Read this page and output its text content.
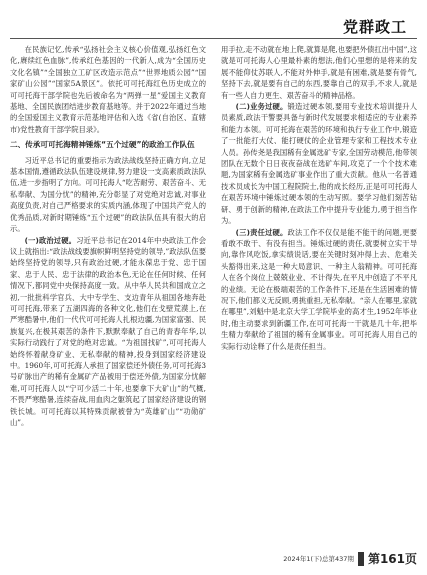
党群政工

在民族记忆,传承“弘扬社会主义核心价值观,弘扬红色文化,赓续红色血脉”,传承红色基因的一代新人,成为“全国历史文化名镇”“全国独立工矿区改造示范点”“世界地质公园”“国家矿山公园”“国家5A景区”。依托可可托海红色历史成立的可可托海干部学院也先后被命名为“两弹一星”爱国主义教育基地、全国民族团结进步教育基地等。并于2022年通过当地的全国爱国主义教育示范基地评估和入选《省(自治区、直辖市)党性教育干部学院目录》。

二、传承可可托海精神锤炼“五个过硬”的政治工作队伍

习近平总书记的重要指示为政法战线坚持正确方向,立足基本国情,遵循政法队伍建设规律,努力建设一支高素质政法队伍,进一步指明了方向。可可托海人“吃苦耐劳、艰苦奋斗、无私奉献、为国分忧”的精神,充分彰显了对党绝对忠诚,对事业高度负责,对自己严格要求的实质内涵,体现了中国共产党人的优秀品质,对新时期锤炼“五个过硬”的政法队伍具有很大的启示。

(一)政治过硬。习近平总书记在2014年中央政法工作会议上就指出:“政法战线要旗帜鲜明坚持党的领导,”政法队伍要始终坚持党的领导,只有政治过硬,才能永葆忠于党、忠于国家、忠于人民、忠于法律的政治本色,无论在任何时候、任何情况下,都同党中央保持高度一致。从中华人民共和国成立之初,一批批科学官兵、大中专学生、支边青年从祖国各地奔赴可可托海,带来了五湖四海的各种文化,他们在戈壁荒漠上,在严寒酷暑中,他们一代代可可托海人扎根边疆,为国家富强、民族复兴,在极其艰苦的条件下,默默奉献了自己的青春年华,以实际行动践行了对党的绝对忠诚。“为祖国找矿”,可可托海人始终怀着献身矿业、无私奉献的精神,投身到国家经济建设中。1960年,可可托海人承担了国家偿还外债任务,可可托海3号矿脉出产的稀有金属矿产品被用于偿还外债,为国家分忧解难,可可托海人以“宁可少活二十年,也要拿下大矿山”的气概,不畏严寒酷暑,连续奋战,用血肉之躯筑起了国家经济建设的钢铁长城。可可托海以其特殊贡献被誉为“英雄矿山”“功勋矿山”。

用手拉,走不动就在地上爬,就算是爬,也要把外债扛出中国”,这就是可可托海人心里最朴素的想法,他们心里想的是将来的发展不能仰仗苏联人,不能对外伸手,就是有困难,就是要有骨气,坚持下去,就是要有自己的东西,要靠自己的双手,不求人,就是有一些人自力更生、艰苦奋斗的精神品格。

(二)业务过硬。锻造过硬本领,要用专业技术培训提升人员素质,政法干警要具备与新时代发展要求相适应的专业素养和能力本领。可可托海在艰苦的环境和执行专业工作中,锻造了一批能打大仗、能打硬仗的企业管理专家和工程技术专业人员。孙传尧是我国稀有金属选矿专家,全国劳动模范,他带领团队在无数个日日夜夜奋战在选矿车间,攻克了一个个技术难题,为国家稀有金属选矿事业作出了重大贡献。他从一名普通技术员成长为中国工程院院士,他的成长经历,正是可可托海人在艰苦环境中锤炼过硬本领的生动写照。要学习他们刻苦钻研、勇于创新的精神,在政法工作中提升专业能力,勇于担当作为。

(三)责任过硬。政法工作不仅仅是能不能干的问题,更要看敢不敢干、有没有担当。锤炼过硬的责任,就要树立实干导向,靠作风吃饭,拿实绩说话,要在关键时刻冲得上去、危难关头豁得出来,这是一种大局意识、一种主人翁精神。可可托海人在各个岗位上兢兢业业、不计得失,在平凡中创造了不平凡的业绩。无论在极端艰苦的工作条件下,还是在生活困难的情况下,他们都义无反顾,勇挑重担,无私奉献。“亲人在哪里,家就在哪里”,刘魁中是北京大学工学院毕业的高才生,1952年毕业时,他主动要求到新疆工作,在可可托海一干就是几十年,把毕生精力奉献给了祖国的稀有金属事业。可可托海人用自己的实际行动诠释了什么是责任担当。

2024年1(下)总第437期 第161页
